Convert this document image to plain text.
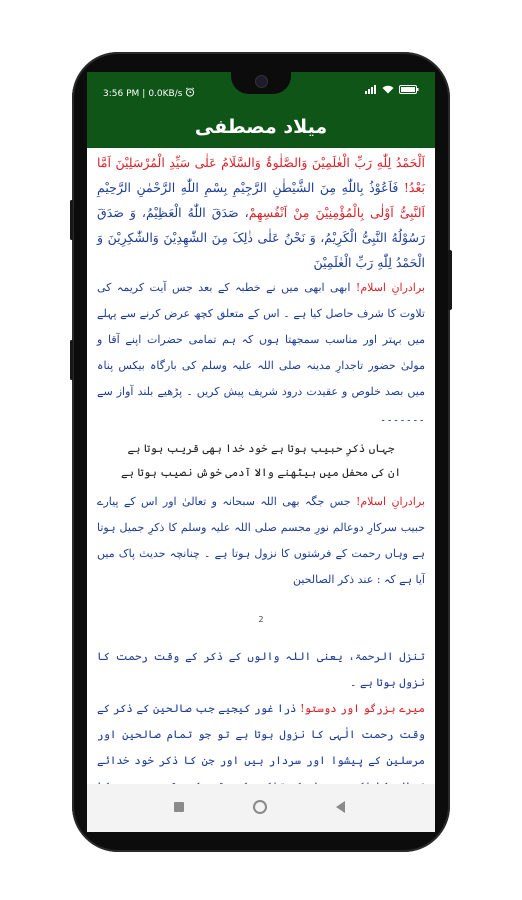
3:56 PM | 0.0KB/s
میلاد مصطفی

اَلْحَمْدُ لِلّٰهِ رَبِّ الْعٰلَمِیْنَ وَالصَّلٰوۃُ وَالسَّلَامُ عَلٰی سَیِّدِ الْمُرْسَلِیْنَ اَمَّا بَعْدُ! فَاَعُوْذُ بِاللّٰهِ مِنَ الشَّیْطٰنِ الرَّجِیْمِ بِسْمِ اللّٰهِ الرَّحْمٰنِ الرَّحِیْمِ اَلنَّبِیُّ اَوْلٰی بِالْمُؤْمِنِیْنَ مِنْ اَنْفُسِهِمْ، صَدَقَ اللّٰهُ الْعَظِیْمُ، وَ صَدَقَ رَسُوْلُهُ النَّبِیُّ الْکَرِیْمُ، وَ نَحْنُ عَلٰی ذٰلِکَ مِنَ الشّٰهِدِیْنَ وَالشّٰکِرِیْنَ وَ الْحَمْدُ لِلّٰهِ رَبِّ الْعٰلَمِیْنَ

برادرانِ اسلام! ابھی ابھی میں نے خطبہ کے بعد جس آیت کریمہ کی تلاوت کا شرف حاصل کیا ہے ۔ اس کے متعلق کچھ عرض کرنے سے پہلے میں بہتر اور مناسب سمجھتا ہوں کہ ہم تمامی حضرات اپنے آقا و مولیٰ حضور تاجدارِ مدینہ صلی اللہ علیہ وسلم کی بارگاہ بیکس پناہ میں بصد خلوص و عقیدت درود شریف پیش کریں ۔ پڑھیے بلند آواز سے ۔۔۔۔۔۔۔

جہاں ذکرِ حبیب ہوتا ہے خود خدا بھی قریب ہوتا ہے
ان کی محفل میں بیٹھنے والا آدمی خوش نصیب ہوتا ہے

برادرانِ اسلام! جس جگہ بھی اللہ سبحانہ و تعالیٰ اور اس کے پیارے حبیب سرکارِ دوعالم نورِ مجسم صلی اللہ علیہ وسلم کا ذکرِ جمیل ہوتا ہے وہاں رحمت کے فرشتوں کا نزول ہوتا ہے ۔ چنانچہ حدیث پاک میں آیا ہے کہ : عند ذکر الصالحین

2

تنزل الرحمۃ، یعنی اللہ والوں کے ذکر کے وقت رحمت کا نزول ہوتا ہے ۔

میرے بزرگو اور دوستو! ذرا غور کیجیے جب صالحین کے ذکر کے وقت رحمت الٰہی کا نزول ہوتا ہے تو جو تمام صالحین اور مرسلین کے پیشوا اور سردار ہیں اور جن کا ذکر خود خدائے
